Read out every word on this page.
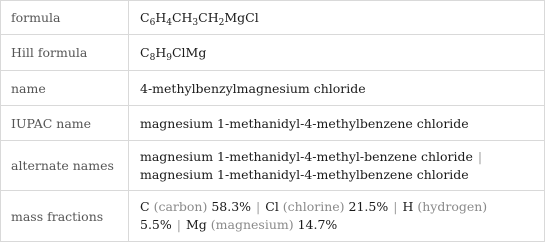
formula	$C_6H_4CH_3CH_2MgCl$
Hill formula	$C_8H_9ClMg$
name	4-methylbenzylmagnesium chloride
IUPAC name	magnesium 1-methanidyl-4-methylbenzene chloride
alternate names	magnesium 1-methanidyl-4-methyl-benzene chloride |
magnesium 1-methanidyl-4-methylbenzene chloride

mass fractions	C (carbon) 58.3% | Cl (chlorine) 21.5% | H (hydrogen)
5.5% | Mg (magnesium) 14.7%
